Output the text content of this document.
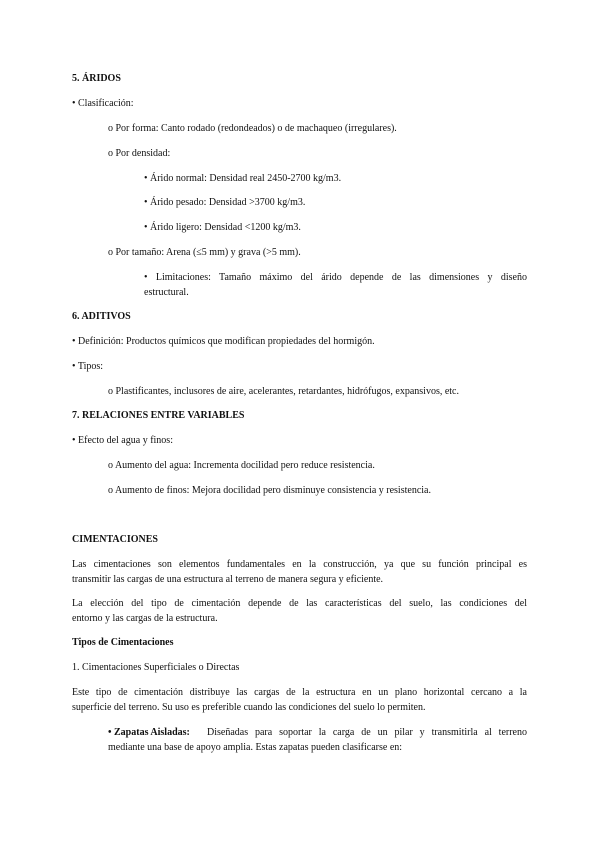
5. ÁRIDOS
• Clasificación:
o Por forma: Canto rodado (redondeados) o de machaqueo (irregulares).
o Por densidad:
• Árido normal: Densidad real 2450-2700 kg/m3.
• Árido pesado: Densidad >3700 kg/m3.
• Árido ligero: Densidad <1200 kg/m3.
o Por tamaño: Arena (≤5 mm) y grava (>5 mm).
• Limitaciones: Tamaño máximo del árido depende de las dimensiones y diseño
estructural.
6. ADITIVOS
• Definición: Productos químicos que modifican propiedades del hormigón.
• Tipos:
o Plastificantes, inclusores de aire, acelerantes, retardantes, hidrófugos, expansivos, etc.
7. RELACIONES ENTRE VARIABLES
• Efecto del agua y finos:
o Aumento del agua: Incrementa docilidad pero reduce resistencia.
o Aumento de finos: Mejora docilidad pero disminuye consistencia y resistencia.
CIMENTACIONES
Las cimentaciones son elementos fundamentales en la construcción, ya que su función principal es
transmitir las cargas de una estructura al terreno de manera segura y eficiente.
La elección del tipo de cimentación depende de las características del suelo, las condiciones del
entorno y las cargas de la estructura.
Tipos de Cimentaciones
1. Cimentaciones Superficiales o Directas
Este tipo de cimentación distribuye las cargas de la estructura en un plano horizontal cercano a la
superficie del terreno. Su uso es preferible cuando las condiciones del suelo lo permiten.
• Zapatas Aisladas: Diseñadas para soportar la carga de un pilar y transmitirla al terreno
mediante una base de apoyo amplia. Estas zapatas pueden clasificarse en:
